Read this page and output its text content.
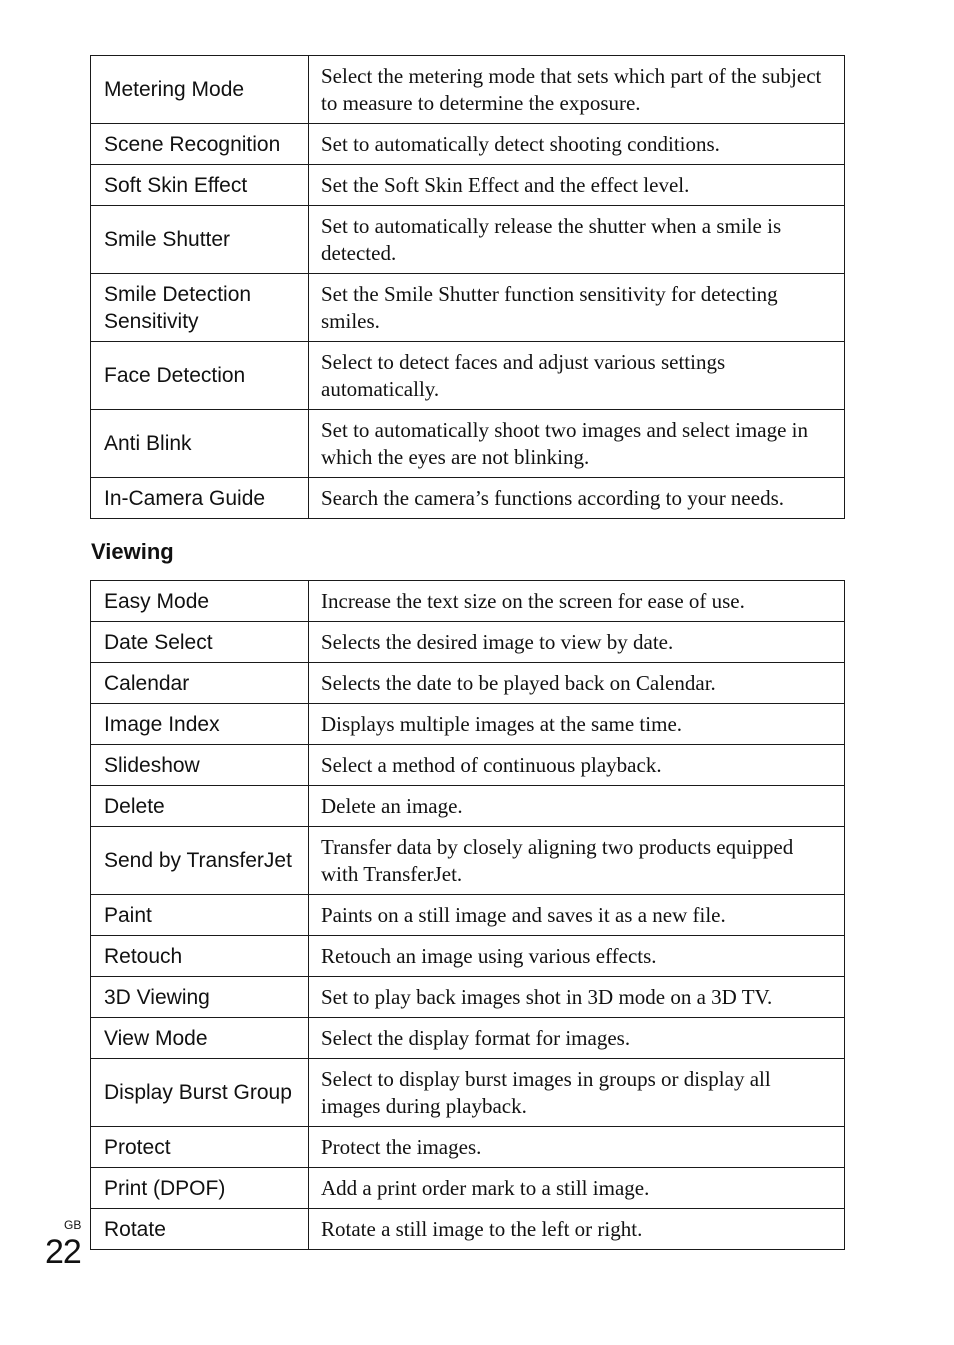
Metering Mode	Select the metering mode that sets which part of the subject to measure to determine the exposure.
Scene Recognition	Set to automatically detect shooting conditions.
Soft Skin Effect	Set the Soft Skin Effect and the effect level.
Smile Shutter	Set to automatically release the shutter when a smile is detected.
Smile Detection Sensitivity	Set the Smile Shutter function sensitivity for detecting smiles.
Face Detection	Select to detect faces and adjust various settings automatically.
Anti Blink	Set to automatically shoot two images and select image in which the eyes are not blinking.
In-Camera Guide	Search the camera’s functions according to your needs.
Viewing
Easy Mode	Increase the text size on the screen for ease of use.
Date Select	Selects the desired image to view by date.
Calendar	Selects the date to be played back on Calendar.
Image Index	Displays multiple images at the same time.
Slideshow	Select a method of continuous playback.
Delete	Delete an image.
Send by TransferJet	Transfer data by closely aligning two products equipped with TransferJet.
Paint	Paints on a still image and saves it as a new file.
Retouch	Retouch an image using various effects.
3D Viewing	Set to play back images shot in 3D mode on a 3D TV.
View Mode	Select the display format for images.
Display Burst Group	Select to display burst images in groups or display all images during playback.
Protect	Protect the images.
Print (DPOF)	Add a print order mark to a still image.
Rotate	Rotate a still image to the left or right.
GB
22
